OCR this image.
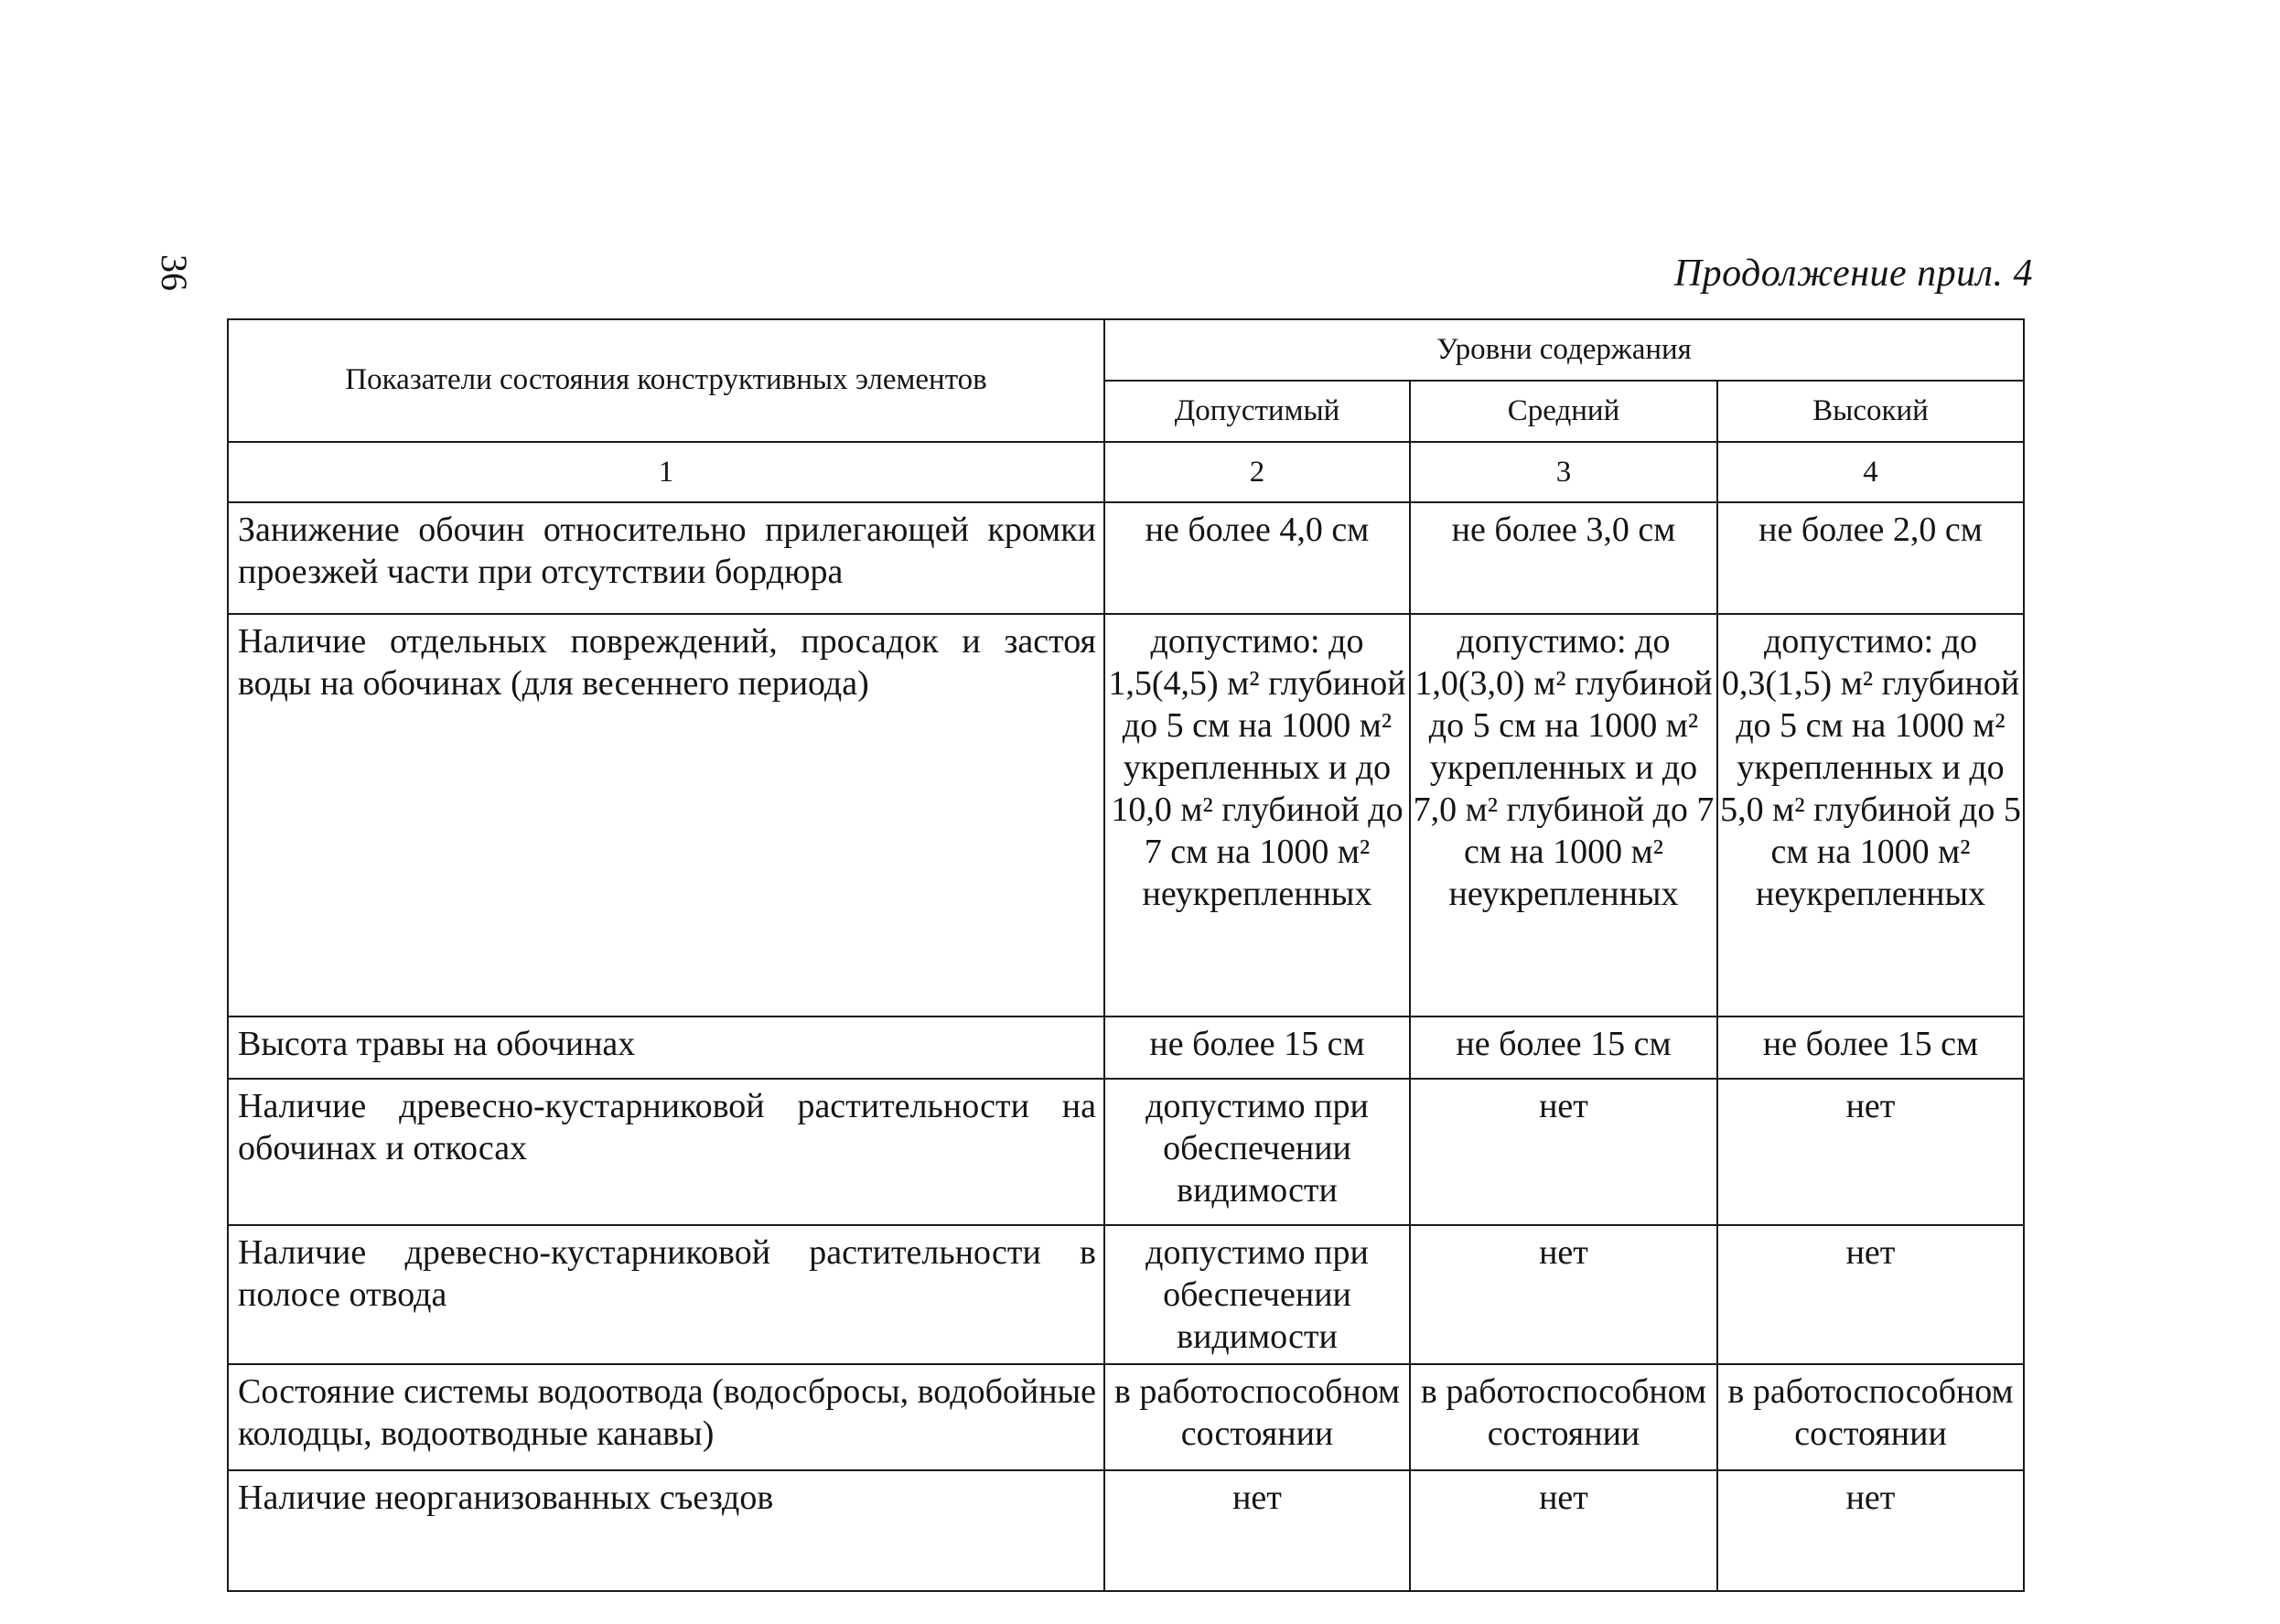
36	Продолжение прил. 4
Показатели состояния конструктивных элементов	Уровни содержания		
	Допустимый	Средний	Высокий
1	2	3	4
Занижение обочин относительно прилегающей кромки проезжей части при отсутствии бордюра	не более 4,0 см	не более 3,0 см	не более 2,0 см
Наличие отдельных повреждений, просадок и застоя воды на обочинах (для весеннего периода)	допустимо: до 1,5(4,5) м² глубиной до 5 см на 1000 м² укрепленных и до 10,0 м² глубиной до 7 см на 1000 м² неукрепленных	допустимо: до 1,0(3,0) м² глубиной до 5 см на 1000 м² укрепленных и до 7,0 м² глубиной до 7 см на 1000 м² неукрепленных	допустимо: до 0,3(1,5) м² глубиной до 5 см на 1000 м² укрепленных и до 5,0 м² глубиной до 5 см на 1000 м² неукрепленных
Высота травы на обочинах	не более 15 см	не более 15 см	не более 15 см
Наличие древесно-кустарниковой растительности на обочинах и откосах	допустимо при обеспечении видимости	нет	нет
Наличие древесно-кустарниковой растительности в полосе отвода	допустимо при обеспечении видимости	нет	нет
Состояние системы водоотвода (водосбросы, водобойные колодцы, водоотводные канавы)	в работоспособном состоянии	в работоспособном состоянии	в работоспособном состоянии
Наличие неорганизованных съездов	нет	нет	нет
